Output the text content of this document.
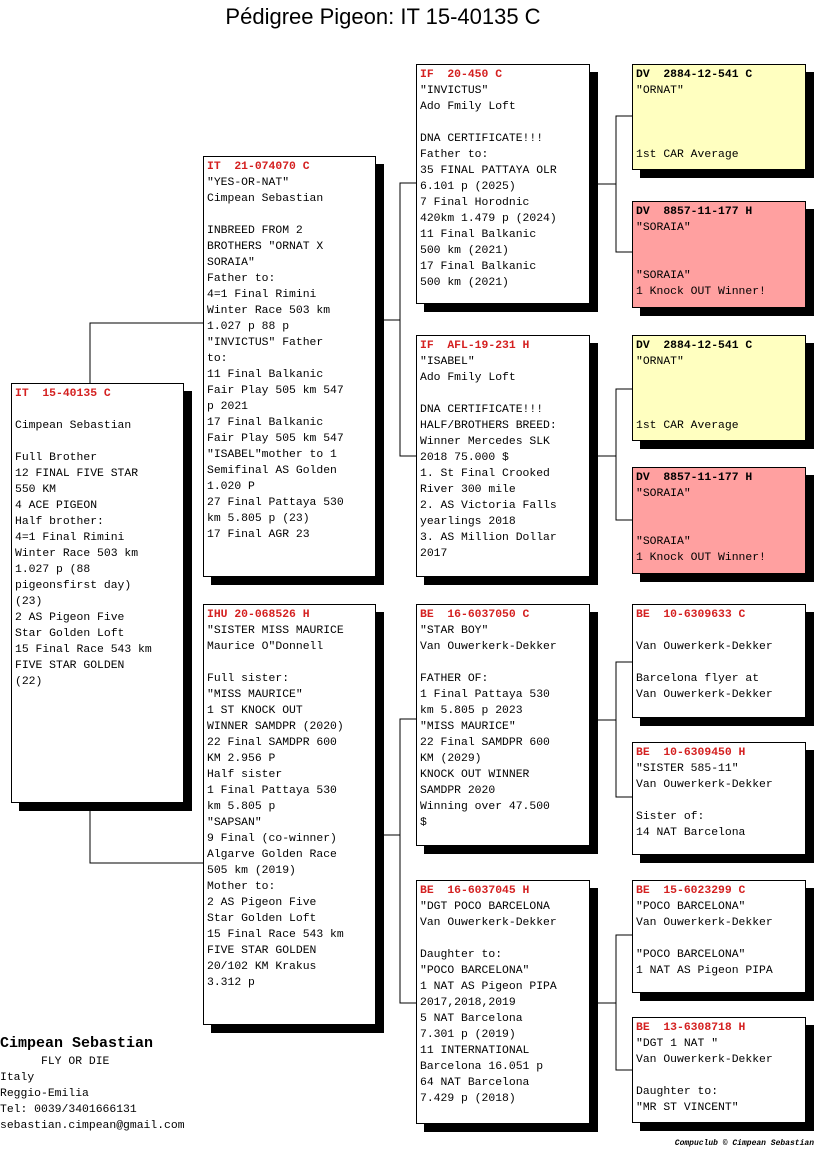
Pédigree Pigeon: IT 15-40135 C
IT  15-40135 C
Cimpean Sebastian
Full Brother
12 FINAL FIVE STAR
550 KM
4 ACE PIGEON
Half brother:
4=1 Final Rimini
Winter Race 503 km
1.027 p (88
pigeonsfirst day)
(23)
2 AS Pigeon Five
Star Golden Loft
15 Final Race 543 km
FIVE STAR GOLDEN
(22)
IT  21-074070 C
"YES-OR-NAT"
Cimpean Sebastian
INBREED FROM 2
BROTHERS "ORNAT X
SORAIA"
Father to:
4=1 Final Rimini
Winter Race 503 km
1.027 p 88 p
"INVICTUS" Father
to:
11 Final Balkanic
Fair Play 505 km 547
p 2021
17 Final Balkanic
Fair Play 505 km 547
"ISABEL"mother to 1
Semifinal AS Golden
1.020 P
27 Final Pattaya 530
km 5.805 p (23)
17 Final AGR 23
IHU 20-068526 H
"SISTER MISS MAURICE
Maurice O"Donnell
Full sister:
"MISS MAURICE"
1 ST KNOCK OUT
WINNER SAMDPR (2020)
22 Final SAMDPR 600
KM 2.956 P
Half sister
1 Final Pattaya 530
km 5.805 p
"SAPSAN"
9 Final (co-winner)
Algarve Golden Race
505 km (2019)
Mother to:
2 AS Pigeon Five
Star Golden Loft
15 Final Race 543 km
FIVE STAR GOLDEN
20/102 KM Krakus
3.312 p
IF  20-450 C
"INVICTUS"
Ado Fmily Loft
DNA CERTIFICATE!!!
Father to:
35 FINAL PATTAYA OLR
6.101 p (2025)
7 Final Horodnic
420km 1.479 p (2024)
11 Final Balkanic
500 km (2021)
17 Final Balkanic
500 km (2021)
IF  AFL-19-231 H
"ISABEL"
Ado Fmily Loft
DNA CERTIFICATE!!!
HALF/BROTHERS BREED:
Winner Mercedes SLK
2018 75.000 $
1. St Final Crooked
River 300 mile
2. AS Victoria Falls
yearlings 2018
3. AS Million Dollar
2017
BE  16-6037050 C
"STAR BOY"
Van Ouwerkerk-Dekker
FATHER OF:
1 Final Pattaya 530
km 5.805 p 2023
"MISS MAURICE"
22 Final SAMDPR 600
KM (2029)
KNOCK OUT WINNER
SAMDPR 2020
Winning over 47.500
$
BE  16-6037045 H
"DGT POCO BARCELONA
Van Ouwerkerk-Dekker
Daughter to:
"POCO BARCELONA"
1 NAT AS Pigeon PIPA
2017,2018,2019
5 NAT Barcelona
7.301 p (2019)
11 INTERNATIONAL
Barcelona 16.051 p
64 NAT Barcelona
7.429 p (2018)
DV  2884-12-541 C
"ORNAT"
1st CAR Average
DV  8857-11-177 H
"SORAIA"
"SORAIA"
1 Knock OUT Winner!
DV  2884-12-541 C
"ORNAT"
1st CAR Average
DV  8857-11-177 H
"SORAIA"
"SORAIA"
1 Knock OUT Winner!
BE  10-6309633 C
Van Ouwerkerk-Dekker
Barcelona flyer at
Van Ouwerkerk-Dekker
BE  10-6309450 H
"SISTER 585-11"
Van Ouwerkerk-Dekker
Sister of:
14 NAT Barcelona
BE  15-6023299 C
"POCO BARCELONA"
Van Ouwerkerk-Dekker
"POCO BARCELONA"
1 NAT AS Pigeon PIPA
BE  13-6308718 H
"DGT 1 NAT "
Van Ouwerkerk-Dekker
Daughter to:
"MR ST VINCENT"
Cimpean Sebastian
FLY OR DIE
Italy
Reggio-Emilia
Tel: 0039/3401666131
sebastian.cimpean@gmail.com
Compuclub © Cimpean Sebastian
